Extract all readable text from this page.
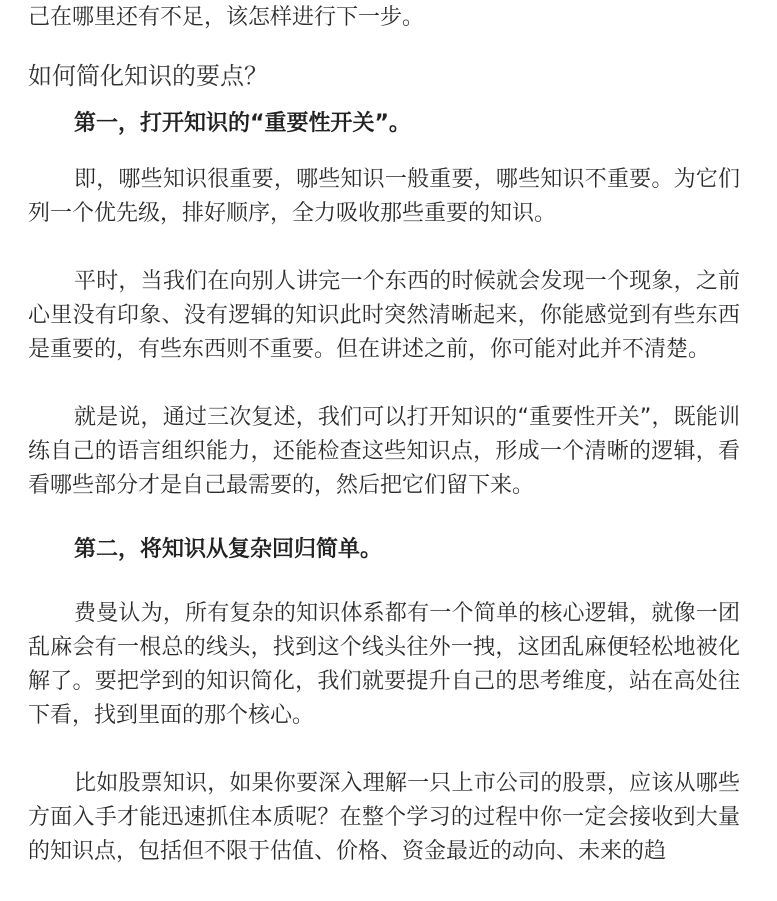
己在哪里还有不足，该怎样进行下一步。

如何简化知识的要点？

第一，打开知识的“重要性开关”。

即，哪些知识很重要，哪些知识一般重要，哪些知识不重要。为它们列一个优先级，排好顺序，全力吸收那些重要的知识。

平时，当我们在向别人讲完一个东西的时候就会发现一个现象，之前心里没有印象、没有逻辑的知识此时突然清晰起来，你能感觉到有些东西是重要的，有些东西则不重要。但在讲述之前，你可能对此并不清楚。

就是说，通过三次复述，我们可以打开知识的“重要性开关”，既能训练自己的语言组织能力，还能检查这些知识点，形成一个清晰的逻辑，看看哪些部分才是自己最需要的，然后把它们留下来。

第二，将知识从复杂回归简单。

费曼认为，所有复杂的知识体系都有一个简单的核心逻辑，就像一团乱麻会有一根总的线头，找到这个线头往外一拽，这团乱麻便轻松地被化解了。要把学到的知识简化，我们就要提升自己的思考维度，站在高处往下看，找到里面的那个核心。

比如股票知识，如果你要深入理解一只上市公司的股票，应该从哪些方面入手才能迅速抓住本质呢？在整个学习的过程中你一定会接收到大量的知识点，包括但不限于估值、价格、资金最近的动向、未来的趋
